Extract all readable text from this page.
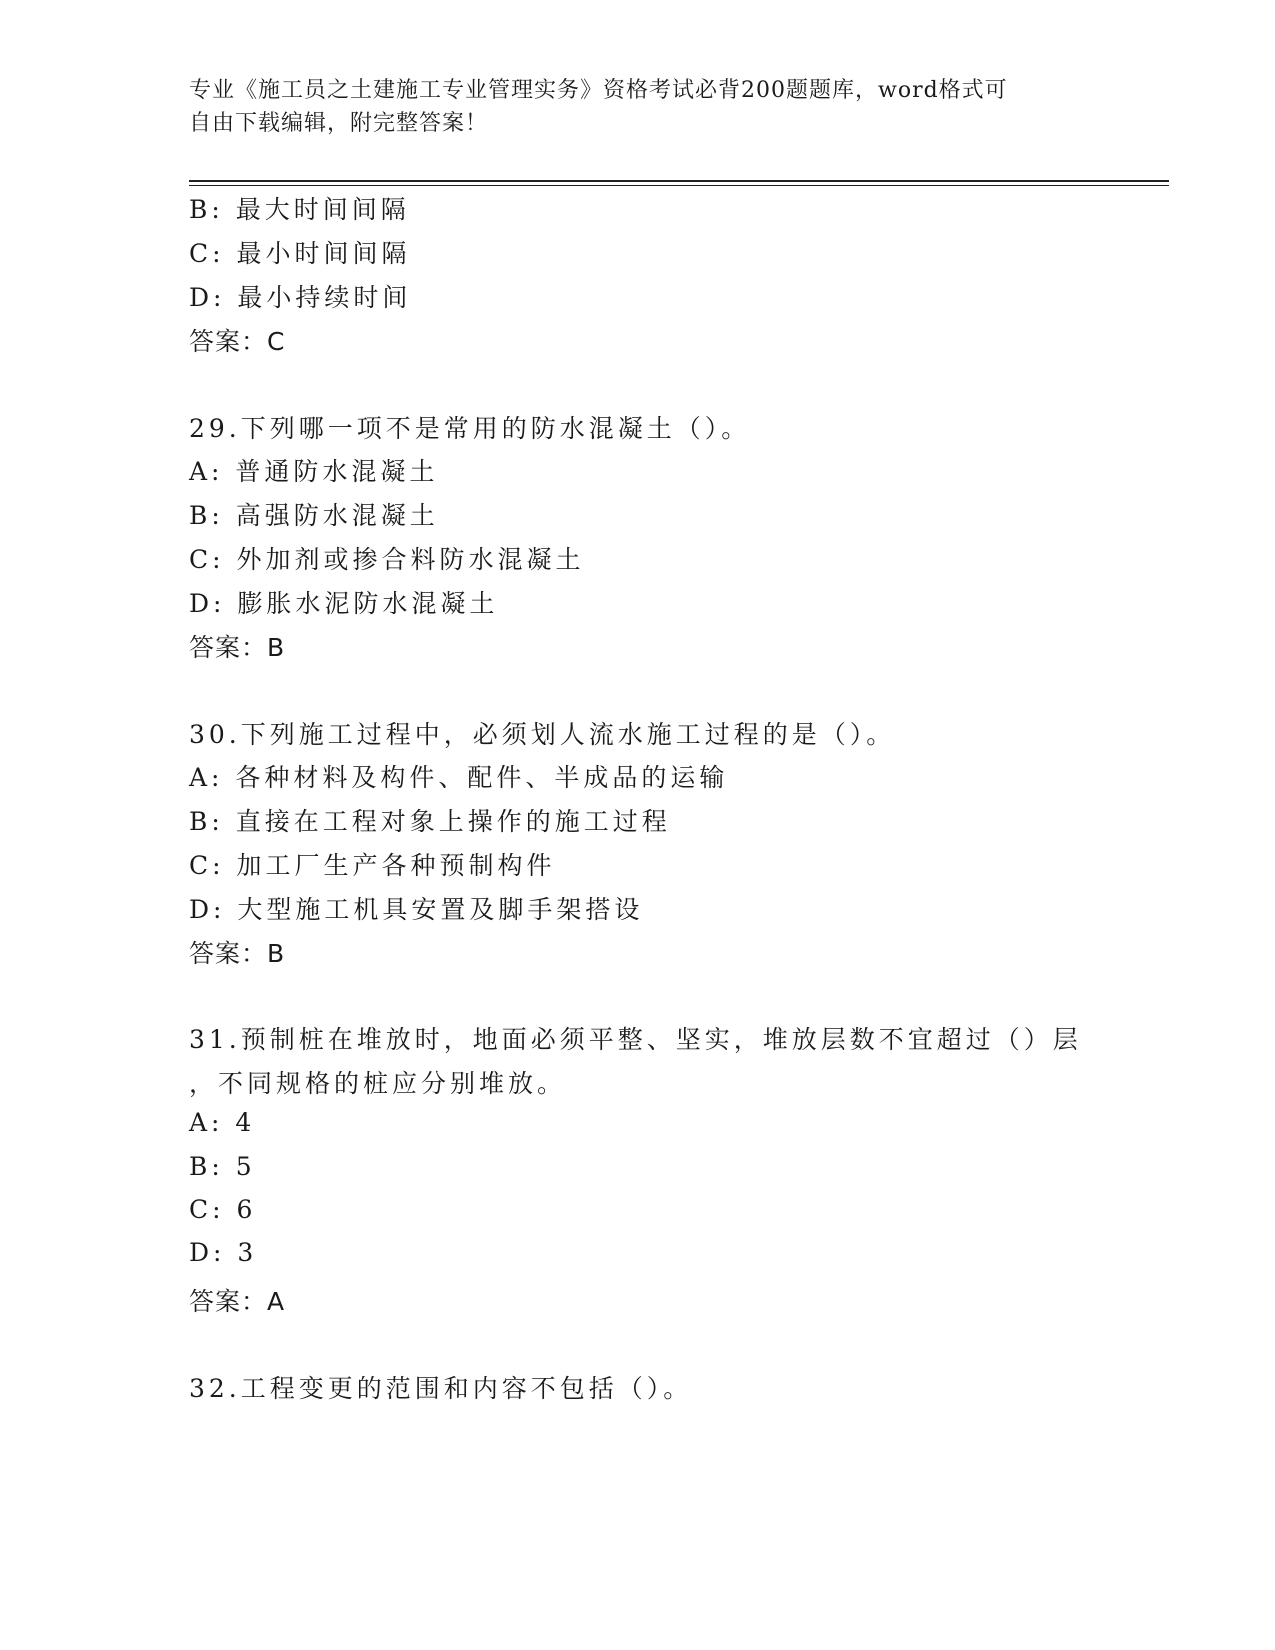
专业《施工员之土建施工专业管理实务》资格考试必背200题题库，word格式可
自由下载编辑，附完整答案！
B: 最大时间间隔
C: 最小时间间隔
D: 最小持续时间
答案：C
29.下列哪一项不是常用的防水混凝土（）。
A: 普通防水混凝土
B: 高强防水混凝土
C: 外加剂或掺合料防水混凝土
D: 膨胀水泥防水混凝土
答案：B
30.下列施工过程中，必须划人流水施工过程的是（）。
A: 各种材料及构件、配件、半成品的运输
B: 直接在工程对象上操作的施工过程
C: 加工厂生产各种预制构件
D: 大型施工机具安置及脚手架搭设
答案：B
31.预制桩在堆放时，地面必须平整、坚实，堆放层数不宜超过（）层
，不同规格的桩应分别堆放。
A: 4
B: 5
C: 6
D: 3
答案：A
32.工程变更的范围和内容不包括（）。
